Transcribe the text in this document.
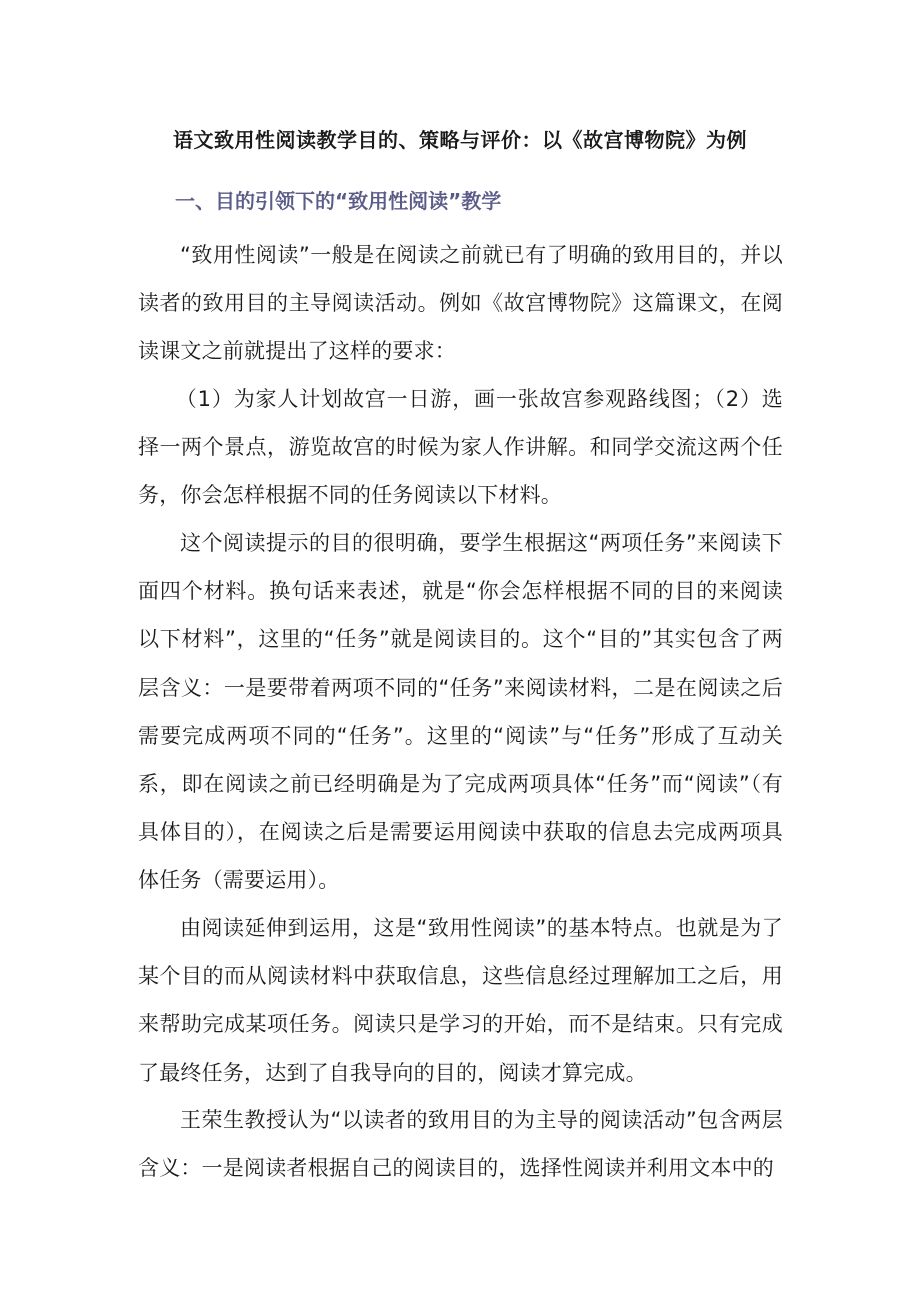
语文致用性阅读教学目的、策略与评价：以《故宫博物院》为例
一、目的引领下的“致用性阅读”教学

“致用性阅读”一般是在阅读之前就已有了明确的致用目的，并以读者的致用目的主导阅读活动。例如《故宫博物院》这篇课文，在阅读课文之前就提出了这样的要求：

（1）为家人计划故宫一日游，画一张故宫参观路线图；（2）选择一两个景点，游览故宫的时候为家人作讲解。和同学交流这两个任务，你会怎样根据不同的任务阅读以下材料。

这个阅读提示的目的很明确，要学生根据这“两项任务”来阅读下面四个材料。换句话来表述，就是“你会怎样根据不同的目的来阅读以下材料”，这里的“任务”就是阅读目的。这个“目的”其实包含了两层含义：一是要带着两项不同的“任务”来阅读材料，二是在阅读之后需要完成两项不同的“任务”。这里的“阅读”与“任务”形成了互动关系，即在阅读之前已经明确是为了完成两项具体“任务”而“阅读”（有具体目的），在阅读之后是需要运用阅读中获取的信息去完成两项具体任务（需要运用）。

由阅读延伸到运用，这是“致用性阅读”的基本特点。也就是为了某个目的而从阅读材料中获取信息，这些信息经过理解加工之后，用来帮助完成某项任务。阅读只是学习的开始，而不是结束。只有完成了最终任务，达到了自我导向的目的，阅读才算完成。

王荣生教授认为“以读者的致用目的为主导的阅读活动”包含两层含义：一是阅读者根据自己的阅读目的，选择性阅读并利用文本中的
